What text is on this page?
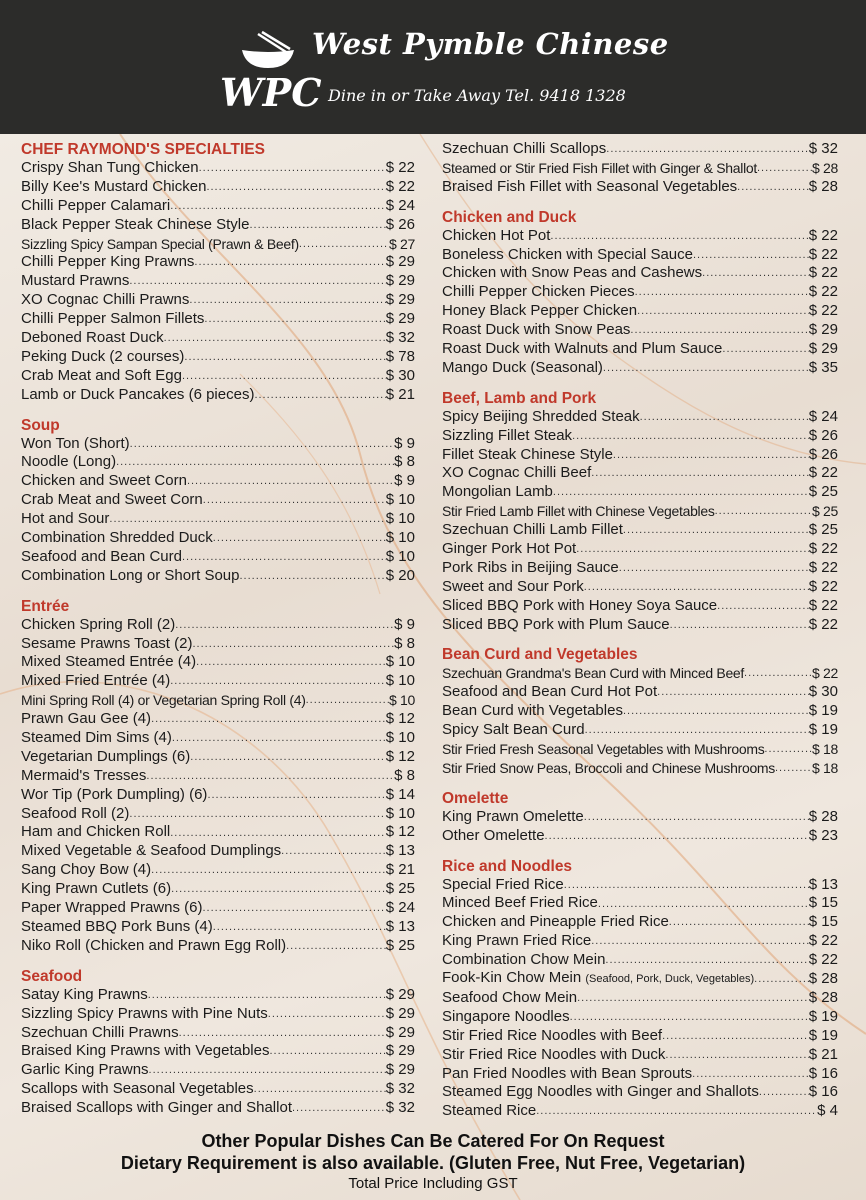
West Pymble Chinese
WPC Dine in or Take Away Tel. 9418 1328
CHEF RAYMOND'S SPECIALTIES
Crispy Shan Tung Chicken .....	$ 22
Billy Kee's Mustard Chicken .....	$ 22
Chilli Pepper Calamari .....	$ 24
Black Pepper Steak Chinese Style .....	$ 26
Sizzling Spicy Sampan Special (Prawn & Beef) .....	$ 27
Chilli Pepper King Prawns .....	$ 29
Mustard Prawns .....	$ 29
XO Cognac Chilli Prawns .....	$ 29
Chilli Pepper Salmon Fillets .....	$ 29
Deboned Roast Duck .....	$ 32
Peking Duck (2 courses) .....	$ 78
Crab Meat and Soft Egg .....	$ 30
Lamb or Duck Pancakes (6 pieces) .....	$ 21
Soup
Won Ton (Short) .....	$ 9
Noodle (Long) .....	$ 8
Chicken and Sweet Corn .....	$ 9
Crab Meat and Sweet Corn .....	$ 10
Hot and Sour .....	$ 10
Combination Shredded Duck .....	$ 10
Seafood and Bean Curd .....	$ 10
Combination Long or Short Soup .....	$ 20
Entrée
Chicken Spring Roll (2) .....	$ 9
Sesame Prawns Toast (2) .....	$ 8
Mixed Steamed Entrée (4) .....	$ 10
Mixed Fried Entrée (4) .....	$ 10
Mini Spring Roll (4) or Vegetarian Spring Roll (4) .....	$ 10
Prawn Gau Gee (4) .....	$ 12
Steamed Dim Sims (4) .....	$ 10
Vegetarian Dumplings (6) .....	$ 12
Mermaid's Tresses .....	$ 8
Wor Tip (Pork Dumpling) (6) .....	$ 14
Seafood Roll (2) .....	$ 10
Ham and Chicken Roll .....	$ 12
Mixed Vegetable & Seafood Dumplings .....	$ 13
Sang Choy Bow (4) .....	$ 21
King Prawn Cutlets (6) .....	$ 25
Paper Wrapped Prawns (6) .....	$ 24
Steamed BBQ Pork Buns (4) .....	$ 13
Niko Roll (Chicken and Prawn Egg Roll) .....	$ 25
Seafood
Satay King Prawns .....	$ 29
Sizzling Spicy Prawns with Pine Nuts .....	$ 29
Szechuan Chilli Prawns .....	$ 29
Braised King Prawns with Vegetables .....	$ 29
Garlic King Prawns .....	$ 29
Scallops with Seasonal Vegetables .....	$ 32
Braised Scallops with Ginger and Shallot .....	$ 32
Szechuan Chilli Scallops .....	$ 32
Steamed or Stir Fried Fish Fillet with Ginger & Shallot .....	$ 28
Braised Fish Fillet with Seasonal Vegetables .....	$ 28
Chicken and Duck
Chicken Hot Pot .....	$ 22
Boneless Chicken with Special Sauce .....	$ 22
Chicken with Snow Peas and Cashews .....	$ 22
Chilli Pepper Chicken Pieces .....	$ 22
Honey Black Pepper Chicken .....	$ 22
Roast Duck with Snow Peas .....	$ 29
Roast Duck with Walnuts and Plum Sauce .....	$ 29
Mango Duck (Seasonal) .....	$ 35
Beef, Lamb and Pork
Spicy Beijing Shredded Steak .....	$ 24
Sizzling Fillet Steak .....	$ 26
Fillet Steak Chinese Style .....	$ 26
XO Cognac Chilli Beef .....	$ 22
Mongolian Lamb .....	$ 25
Stir Fried Lamb Fillet with Chinese Vegetables .....	$ 25
Szechuan Chilli Lamb Fillet .....	$ 25
Ginger Pork Hot Pot .....	$ 22
Pork Ribs in Beijing Sauce .....	$ 22
Sweet and Sour Pork .....	$ 22
Sliced BBQ Pork with Honey Soya Sauce .....	$ 22
Sliced BBQ Pork with Plum Sauce .....	$ 22
Bean Curd and Vegetables
Szechuan Grandma's Bean Curd with Minced Beef .....	$ 22
Seafood and Bean Curd Hot Pot .....	$ 30
Bean Curd with Vegetables .....	$ 19
Spicy Salt Bean Curd .....	$ 19
Stir Fried Fresh Seasonal Vegetables with Mushrooms .....	$ 18
Stir Fried Snow Peas, Broccoli and Chinese Mushrooms .....	$ 18
Omelette
King Prawn Omelette .....	$ 28
Other Omelette .....	$ 23
Rice and Noodles
Special Fried Rice .....	$ 13
Minced Beef Fried Rice .....	$ 15
Chicken and Pineapple Fried Rice .....	$ 15
King Prawn Fried Rice .....	$ 22
Combination Chow Mein .....	$ 22
Fook-Kin Chow Mein (Seafood, Pork, Duck, Vegetables) .....	$ 28
Seafood Chow Mein .....	$ 28
Singapore Noodles .....	$ 19
Stir Fried Rice Noodles with Beef .....	$ 19
Stir Fried Rice Noodles with Duck .....	$ 21
Pan Fried Noodles with Bean Sprouts .....	$ 16
Steamed Egg Noodles with Ginger and Shallots .....	$ 16
Steamed Rice .....	$ 4
Other Popular Dishes Can Be Catered For On Request
Dietary Requirement is also available. (Gluten Free, Nut Free, Vegetarian)
Total Price Including GST
